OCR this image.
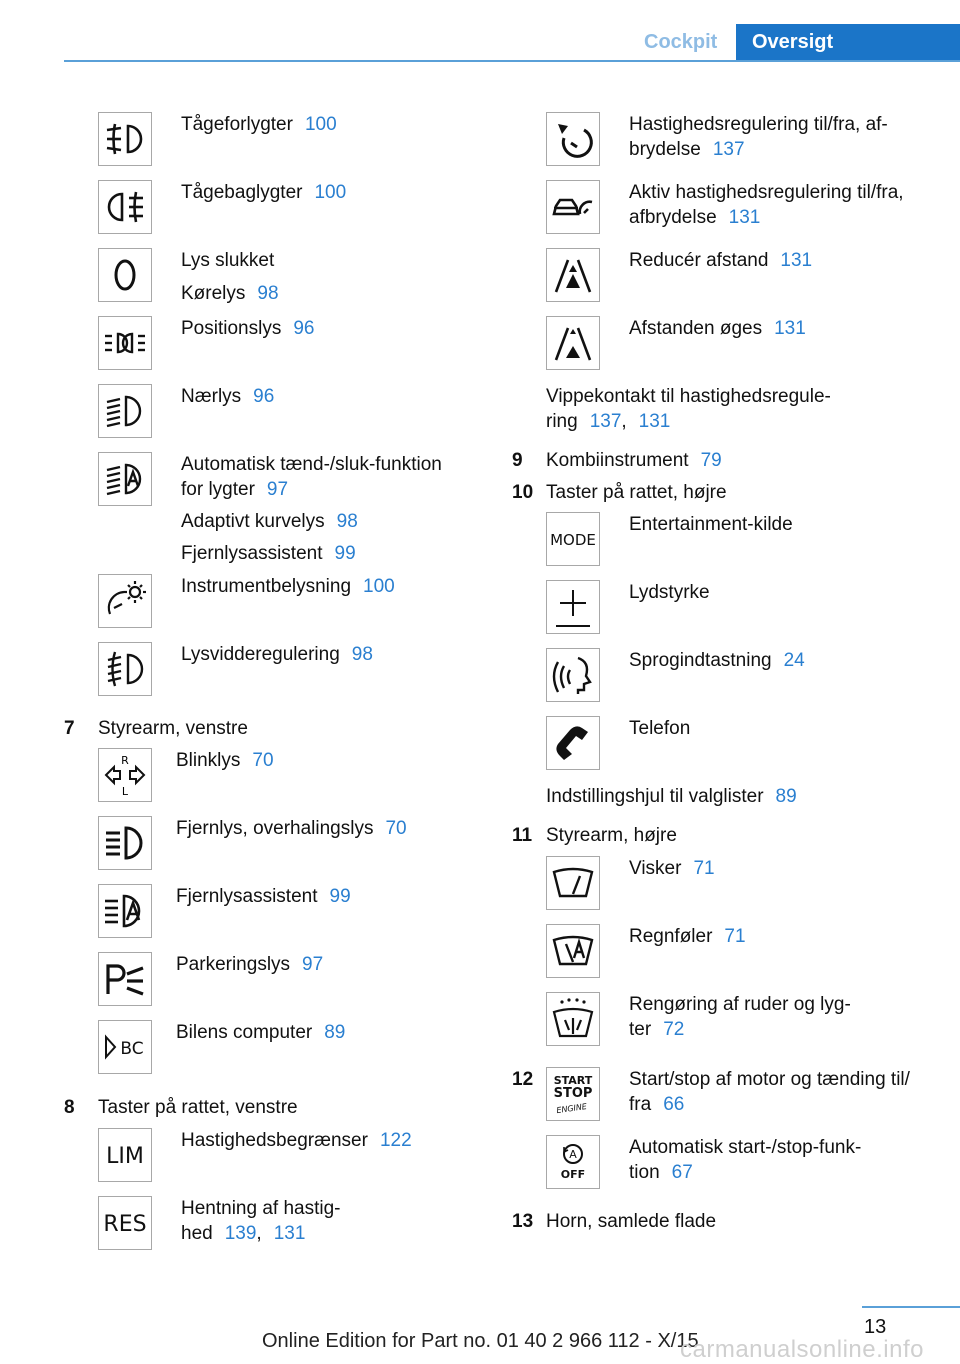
Cockpit	Oversigt
Tågeforlygter 100
Tågebaglygter 100
Lys slukket
Kørelys 98
Positionslys 96
Nærlys 96
Automatisk tænd-/sluk-funktion
for lygter 97
Adaptivt kurvelys 98
Fjernlysassistent 99
Instrumentbelysning 100
Lysvidderegulering 98
7 Styrearm, venstre
R
L
Blinklys 70
Fjernlys, overhalingslys 70
Fjernlysassistent 99
Parkeringslys 97
BC
Bilens computer 89
8 Taster på rattet, venstre
LIM
Hastighedsbegrænser 122
RES
Hentning af hastig-
hed 139, 131
Hastighedsregulering til/fra, af-
brydelse 137
Aktiv hastighedsregulering til/fra,
afbrydelse 131
Reducér afstand 131
Afstanden øges 131
Vippekontakt til hastighedsregule-
ring 137, 131
9 Kombiinstrument 79
10 Taster på rattet, højre
MODE
Entertainment-kilde
Lydstyrke
Sprogindtastning 24
Telefon
Indstillingshjul til valglister 89
11 Styrearm, højre
Visker 71
Regnføler 71
Rengøring af ruder og lyg-
ter 72
12 START
STOP
ENGINE
Start/stop af motor og tænding til/
fra 66
A
OFF
Automatisk start-/stop-funk-
tion 67
13 Horn, samlede flade
13
Online Edition for Part no. 01 40 2 966 112 - X/15
carmanualsonline.info
